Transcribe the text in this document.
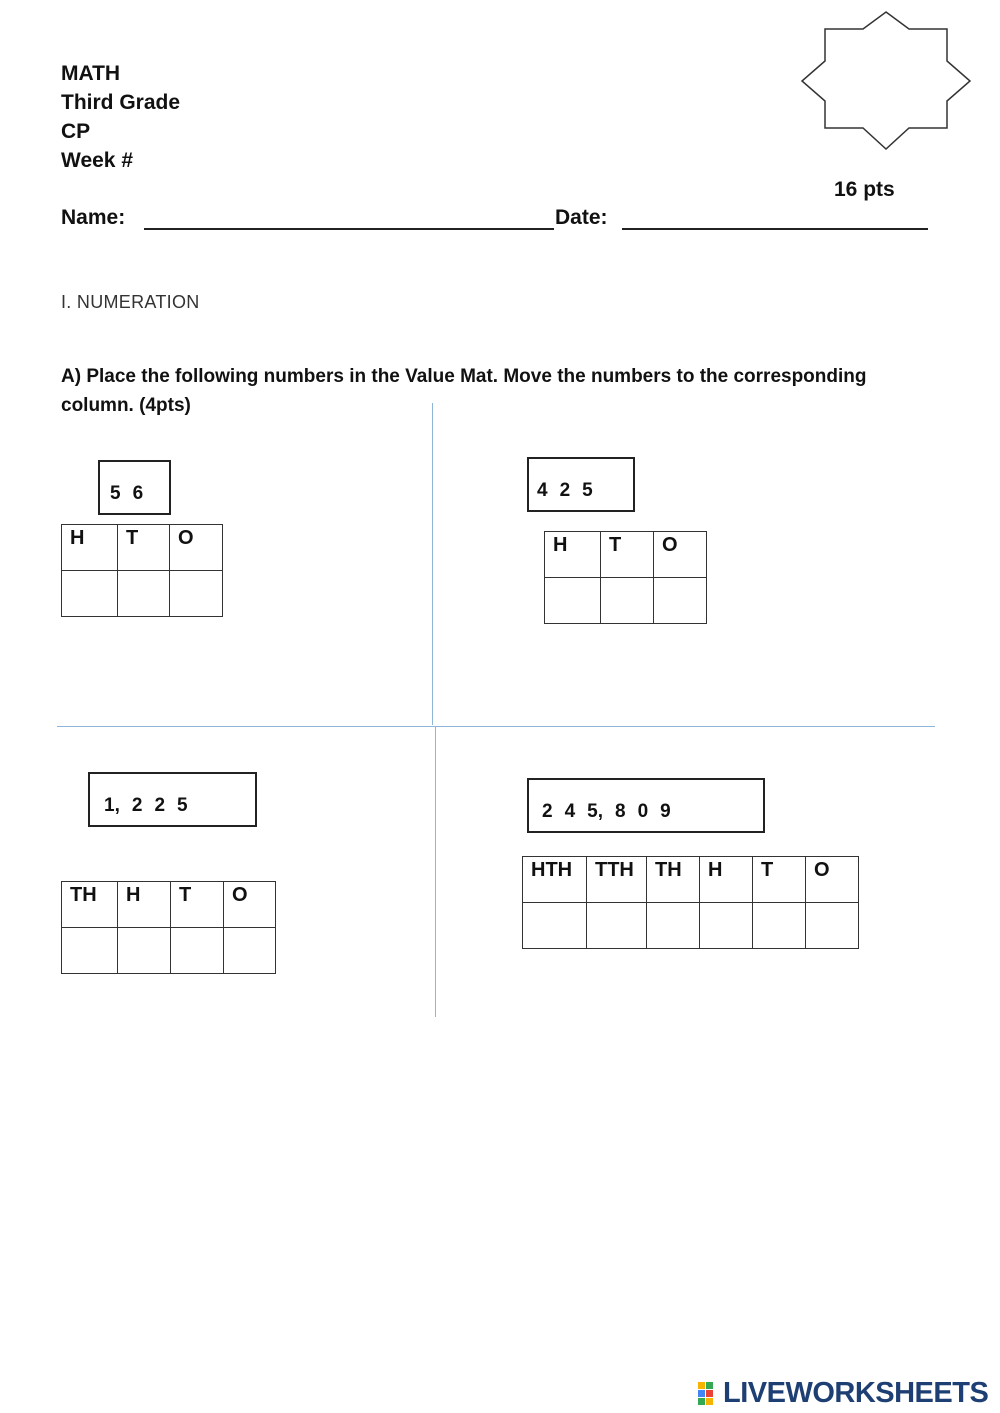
MATH
Third Grade
CP
Week #
16 pts
Name:	Date:
I. NUMERATION
A) Place the following numbers in the Value Mat. Move the numbers to the corresponding column. (4pts)
5 6
H	T	O

4 2 5
H	T	O

1, 2 2 5
TH	H	T	O

2 4 5, 8 0 9
HTH	TTH	TH	H	T	O

LIVEWORKSHEETS
